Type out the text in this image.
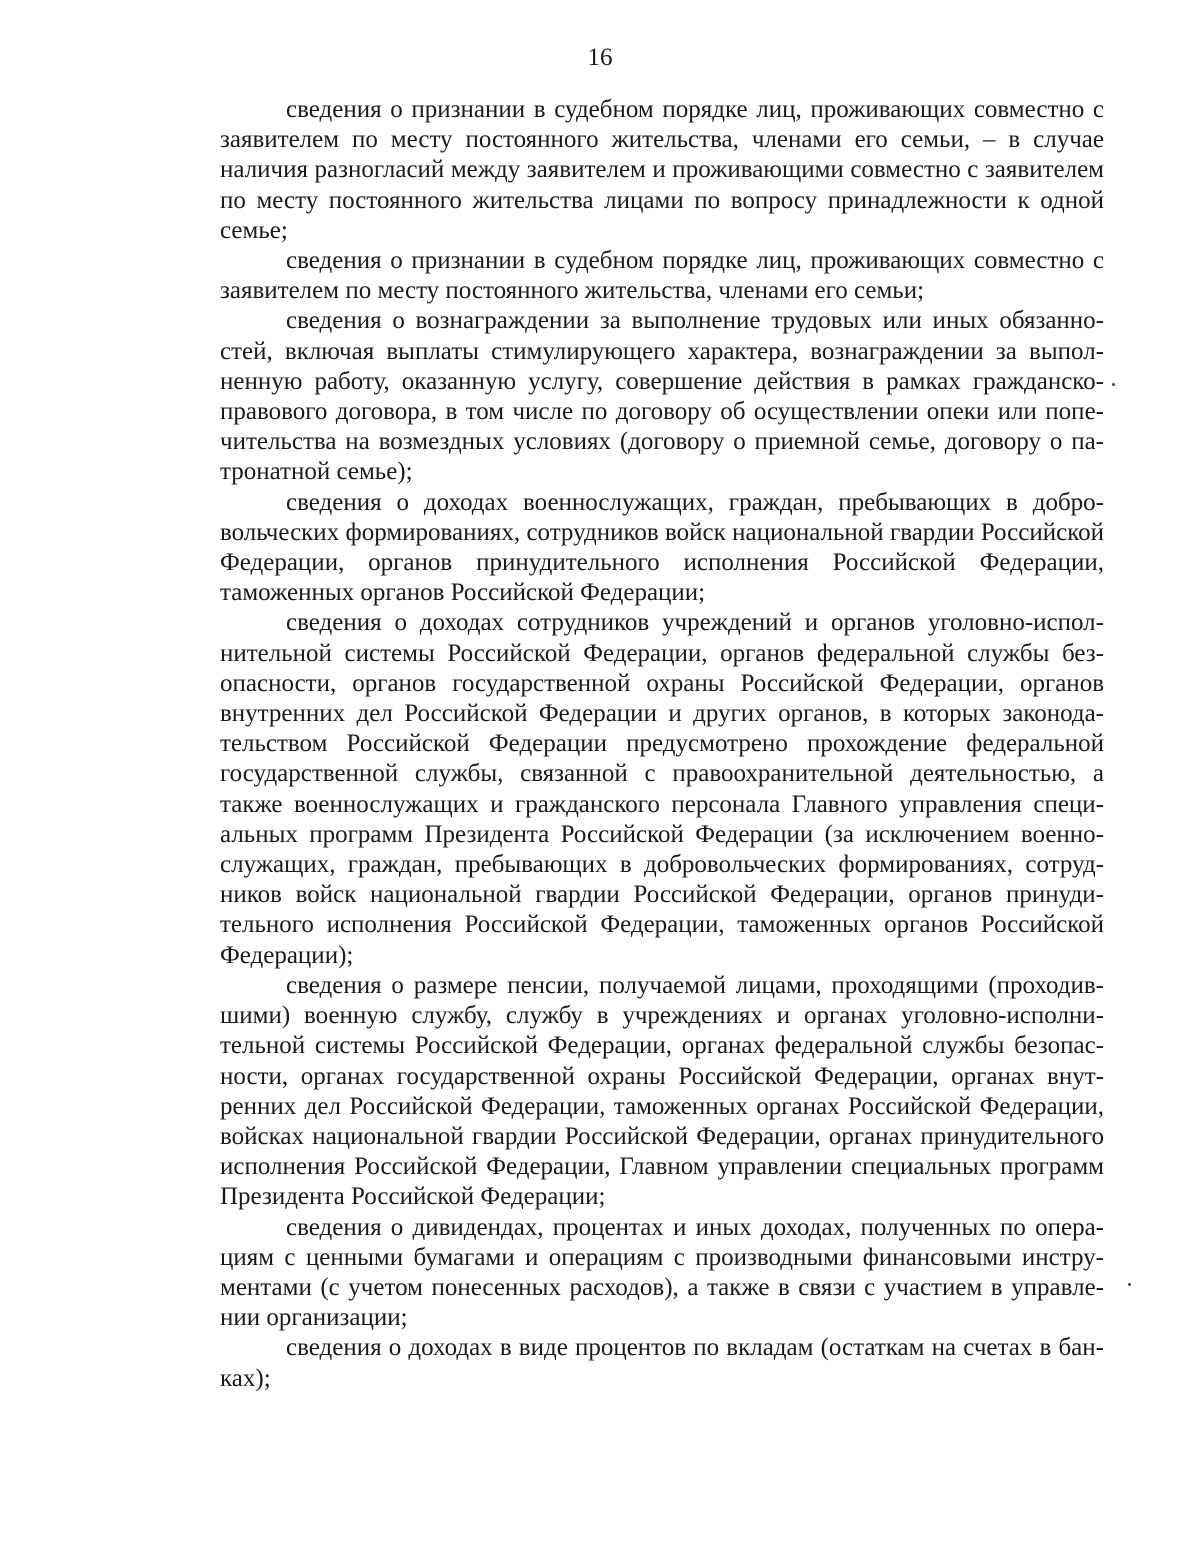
16

сведения о признании в судебном порядке лиц, проживающих совместно с заявителем по месту постоянного жительства, членами его семьи, – в случае наличия разногласий между заявителем и проживающими совместно с заявителем по месту постоянного жительства лицами по вопросу принадлежности к одной семье;

сведения о признании в судебном порядке лиц, проживающих совместно с заявителем по месту постоянного жительства, членами его семьи;

сведения о вознаграждении за выполнение трудовых или иных обязанностей, включая выплаты стимулирующего характера, вознаграждении за выполненную работу, оказанную услугу, совершение действия в рамках гражданско-правового договора, в том числе по договору об осуществлении опеки или попечительства на возмездных условиях (договору о приемной семье, договору о патронатной семье);

сведения о доходах военнослужащих, граждан, пребывающих в добровольческих формированиях, сотрудников войск национальной гвардии Российской Федерации, органов принудительного исполнения Российской Федерации, таможенных органов Российской Федерации;

сведения о доходах сотрудников учреждений и органов уголовно-исполнительной системы Российской Федерации, органов федеральной службы безопасности, органов государственной охраны Российской Федерации, органов внутренних дел Российской Федерации и других органов, в которых законодательством Российской Федерации предусмотрено прохождение федеральной государственной службы, связанной с правоохранительной деятельностью, а также военнослужащих и гражданского персонала Главного управления специальных программ Президента Российской Федерации (за исключением военнослужащих, граждан, пребывающих в добровольческих формированиях, сотрудников войск национальной гвардии Российской Федерации, органов принудительного исполнения Российской Федерации, таможенных органов Российской Федерации);

сведения о размере пенсии, получаемой лицами, проходящими (проходившими) военную службу, службу в учреждениях и органах уголовно-исполнительной системы Российской Федерации, органах федеральной службы безопасности, органах государственной охраны Российской Федерации, органах внутренних дел Российской Федерации, таможенных органах Российской Федерации, войсках национальной гвардии Российской Федерации, органах принудительного исполнения Российской Федерации, Главном управлении специальных программ Президента Российской Федерации;

сведения о дивидендах, процентах и иных доходах, полученных по операциям с ценными бумагами и операциям с производными финансовыми инструментами (с учетом понесенных расходов), а также в связи с участием в управлении организации;

сведения о доходах в виде процентов по вкладам (остаткам на счетах в банках);
